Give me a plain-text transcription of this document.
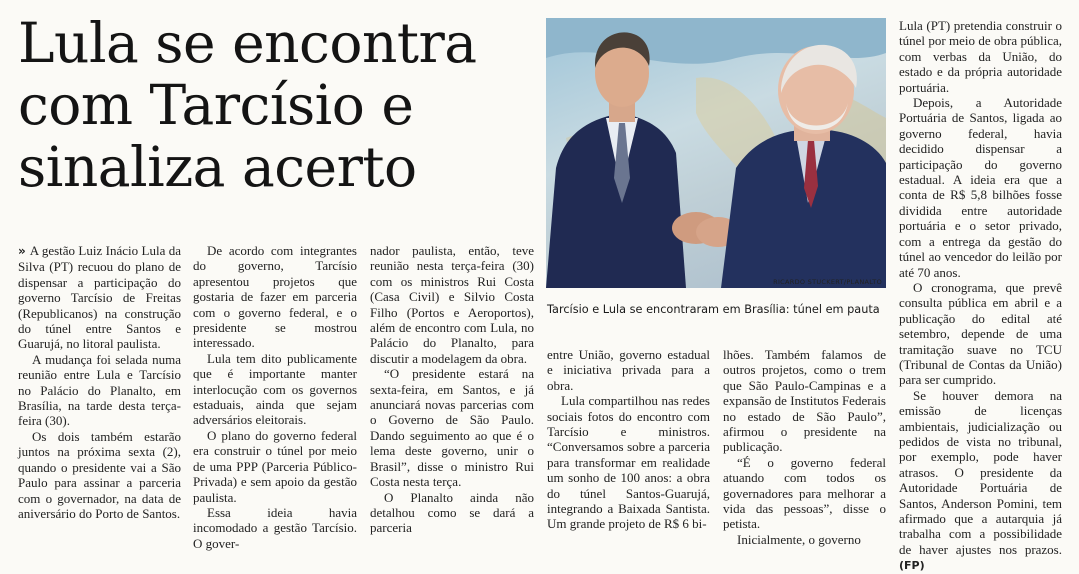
Lula se encontra
com Tarcísio e
sinaliza acerto

» A gestão Luiz Inácio Lula da Silva (PT) recuou do plano de dispensar a participação do governo Tarcísio de Freitas (Republicanos) na construção do túnel entre Santos e Guarujá, no litoral paulista.

A mudança foi selada numa reunião entre Lula e Tarcísio no Palácio do Planalto, em Brasília, na tarde desta terça-feira (30).

Os dois também estarão juntos na próxima sexta (2), quando o presidente vai a São Paulo para assinar a parceria com o governador, na data de aniversário do Porto de Santos.

De acordo com integrantes do governo, Tarcísio apresentou projetos que gostaria de fazer em parceria com o governo federal, e o presidente se mostrou interessado.

Lula tem dito publicamente que é importante manter interlocução com os governos estaduais, ainda que sejam adversários eleitorais.

O plano do governo federal era construir o túnel por meio de uma PPP (Parceria Público-Privada) e sem apoio da gestão paulista.

Essa ideia havia incomodado a gestão Tarcísio. O gover-

nador paulista, então, teve reunião nesta terça-feira (30) com os ministros Rui Costa (Casa Civil) e Silvio Costa Filho (Portos e Aeroportos), além de encontro com Lula, no Palácio do Planalto, para discutir a modelagem da obra.

“O presidente estará na sexta-feira, em Santos, e já anunciará novas parcerias com o Governo de São Paulo. Dando seguimento ao que é o lema deste governo, unir o Brasil”, disse o ministro Rui Costa nesta terça.

O Planalto ainda não detalhou como se dará a parceria

RICARDO STUCKERT/PLANALTO
Tarcísio e Lula se encontraram em Brasília: túnel em pauta

entre União, governo estadual e iniciativa privada para a obra.

Lula compartilhou nas redes sociais fotos do encontro com Tarcísio e ministros. “Conversamos sobre a parceria para transformar em realidade um sonho de 100 anos: a obra do túnel Santos-Guarujá, integrando a Baixada Santista. Um grande projeto de R$ 6 bi-

lhões. Também falamos de outros projetos, como o trem que São Paulo-Campinas e a expansão de Institutos Federais no estado de São Paulo”, afirmou o presidente na publicação.

“É o governo federal atuando com todos os governadores para melhorar a vida das pessoas”, disse o petista.

Inicialmente, o governo

Lula (PT) pretendia construir o túnel por meio de obra pública, com verbas da União, do estado e da própria autoridade portuária.

Depois, a Autoridade Portuária de Santos, ligada ao governo federal, havia decidido dispensar a participação do governo estadual. A ideia era que a conta de R$ 5,8 bilhões fosse dividida entre autoridade portuária e o setor privado, com a entrega da gestão do túnel ao vencedor do leilão por até 70 anos.

O cronograma, que prevê consulta pública em abril e a publicação do edital até setembro, depende de uma tramitação suave no TCU (Tribunal de Contas da União) para ser cumprido.

Se houver demora na emissão de licenças ambientais, judicialização ou pedidos de vista no tribunal, por exemplo, pode haver atrasos. O presidente da Autoridade Portuária de Santos, Anderson Pomini, tem afirmado que a autarquia já trabalha com a possibilidade de haver ajustes nos prazos. (FP)
